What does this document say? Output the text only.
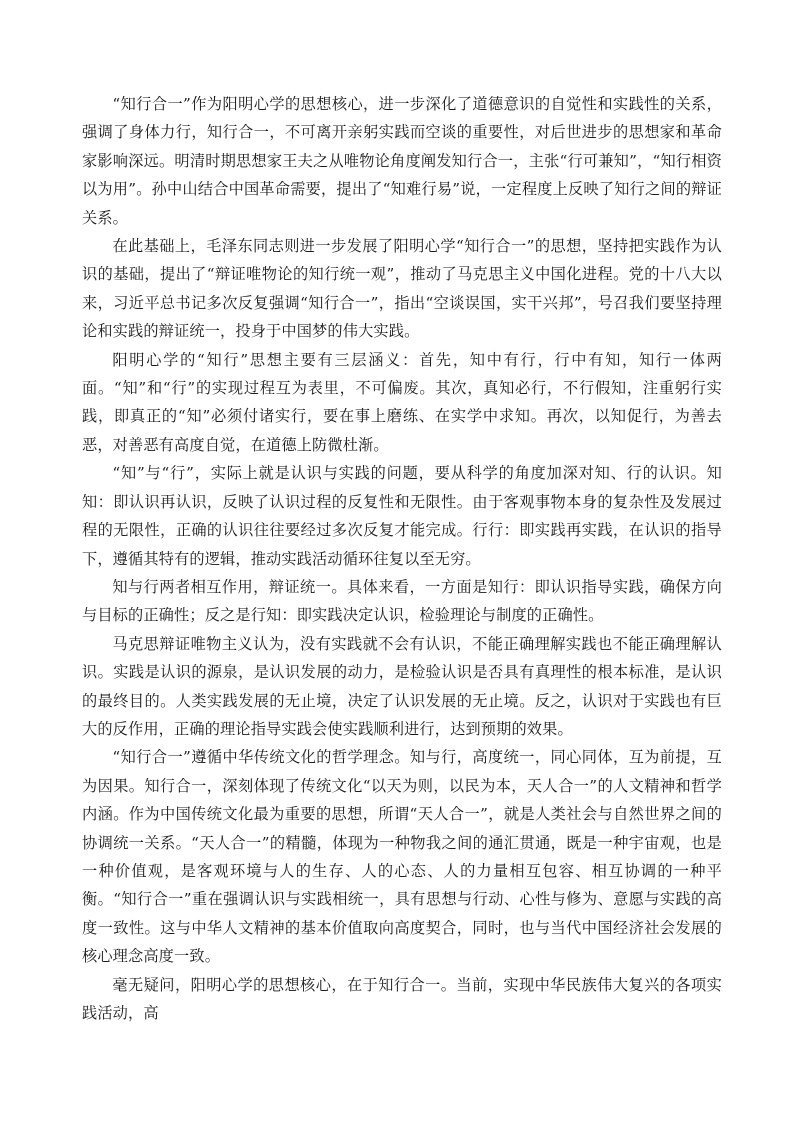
“知行合一”作为阳明心学的思想核心，进一步深化了道德意识的自觉性和实践性的关系，强调了身体力行，知行合一，不可离开亲躬实践而空谈的重要性，对后世进步的思想家和革命家影响深远。明清时期思想家王夫之从唯物论角度阐发知行合一，主张“行可兼知”，“知行相资以为用”。孙中山结合中国革命需要，提出了“知难行易”说，一定程度上反映了知行之间的辩证关系。

在此基础上，毛泽东同志则进一步发展了阳明心学“知行合一”的思想，坚持把实践作为认识的基础，提出了“辩证唯物论的知行统一观”，推动了马克思主义中国化进程。党的十八大以来，习近平总书记多次反复强调“知行合一”，指出“空谈误国，实干兴邦”，号召我们要坚持理论和实践的辩证统一，投身于中国梦的伟大实践。

阳明心学的“知行”思想主要有三层涵义：首先，知中有行，行中有知，知行一体两面。“知”和“行”的实现过程互为表里，不可偏废。其次，真知必行，不行假知，注重躬行实践，即真正的“知”必须付诸实行，要在事上磨练、在实学中求知。再次，以知促行，为善去恶，对善恶有高度自觉，在道德上防微杜渐。

“知”与“行”，实际上就是认识与实践的问题，要从科学的角度加深对知、行的认识。知知：即认识再认识，反映了认识过程的反复性和无限性。由于客观事物本身的复杂性及发展过程的无限性，正确的认识往往要经过多次反复才能完成。行行：即实践再实践，在认识的指导下，遵循其特有的逻辑，推动实践活动循环往复以至无穷。

知与行两者相互作用，辩证统一。具体来看，一方面是知行：即认识指导实践，确保方向与目标的正确性；反之是行知：即实践决定认识，检验理论与制度的正确性。

马克思辩证唯物主义认为，没有实践就不会有认识，不能正确理解实践也不能正确理解认识。实践是认识的源泉，是认识发展的动力，是检验认识是否具有真理性的根本标准，是认识的最终目的。人类实践发展的无止境，决定了认识发展的无止境。反之，认识对于实践也有巨大的反作用，正确的理论指导实践会使实践顺利进行，达到预期的效果。

“知行合一”遵循中华传统文化的哲学理念。知与行，高度统一，同心同体，互为前提，互为因果。知行合一，深刻体现了传统文化“以天为则，以民为本，天人合一”的人文精神和哲学内涵。作为中国传统文化最为重要的思想，所谓“天人合一”，就是人类社会与自然世界之间的协调统一关系。“天人合一”的精髓，体现为一种物我之间的通汇贯通，既是一种宇宙观，也是一种价值观，是客观环境与人的生存、人的心态、人的力量相互包容、相互协调的一种平衡。“知行合一”重在强调认识与实践相统一，具有思想与行动、心性与修为、意愿与实践的高度一致性。这与中华人文精神的基本价值取向高度契合，同时，也与当代中国经济社会发展的核心理念高度一致。

毫无疑问，阳明心学的思想核心，在于知行合一。当前，实现中华民族伟大复兴的各项实践活动，高
